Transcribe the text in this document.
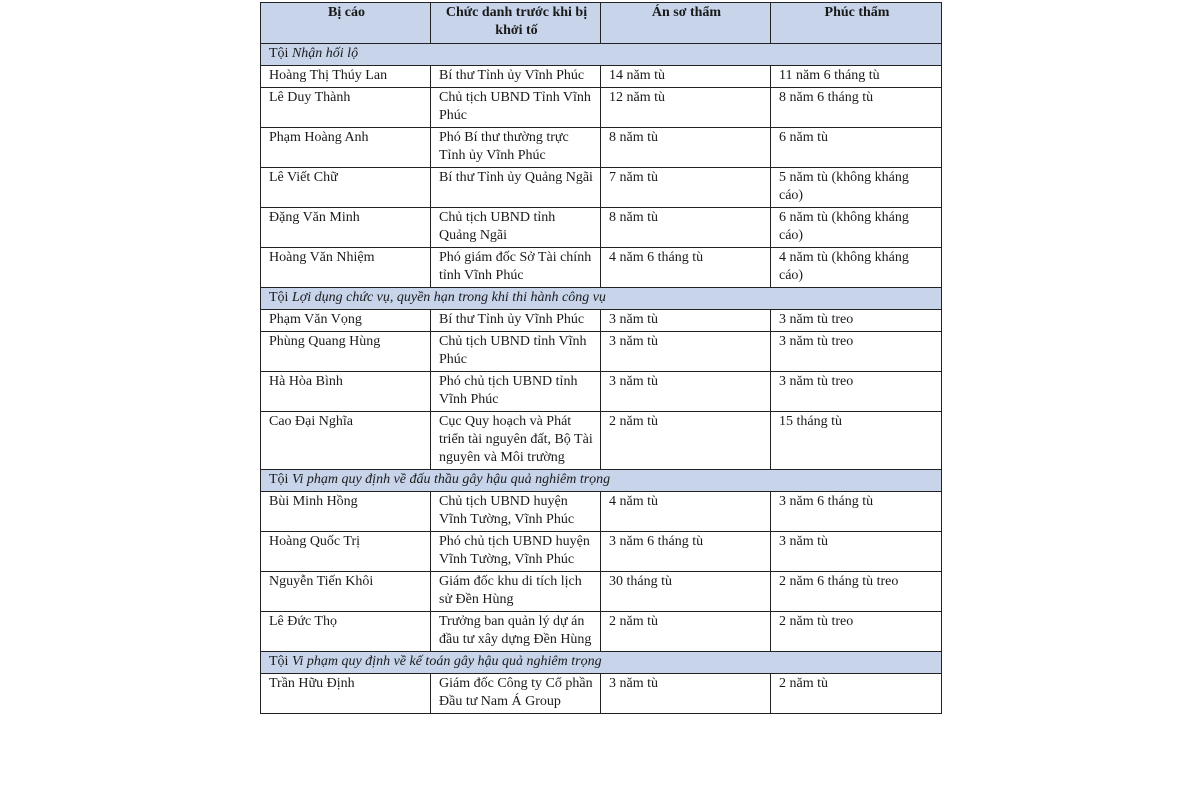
Bị cáo	Chức danh trước khi bị khởi tố	Án sơ thẩm	Phúc thẩm
Tội Nhận hối lộ			
Hoàng Thị Thúy Lan	Bí thư Tỉnh ủy Vĩnh Phúc	14 năm tù	11 năm 6 tháng tù
Lê Duy Thành	Chủ tịch UBND Tỉnh Vĩnh Phúc	12 năm tù	8 năm 6 tháng tù
Phạm Hoàng Anh	Phó Bí thư thường trực Tỉnh ủy Vĩnh Phúc	8 năm tù	6 năm tù
Lê Viết Chữ	Bí thư Tỉnh ủy Quảng Ngãi	7 năm tù	5 năm tù (không kháng cáo)
Đặng Văn Minh	Chủ tịch UBND tỉnh Quảng Ngãi	8 năm tù	6 năm tù (không kháng cáo)
Hoàng Văn Nhiệm	Phó giám đốc Sở Tài chính tỉnh Vĩnh Phúc	4 năm 6 tháng tù	4 năm tù (không kháng cáo)
Tội Lợi dụng chức vụ, quyền hạn trong khi thi hành công vụ			
Phạm Văn Vọng	Bí thư Tỉnh ủy Vĩnh Phúc	3 năm tù	3 năm tù treo
Phùng Quang Hùng	Chủ tịch UBND tỉnh Vĩnh Phúc	3 năm tù	3 năm tù treo
Hà Hòa Bình	Phó chủ tịch UBND tỉnh Vĩnh Phúc	3 năm tù	3 năm tù treo
Cao Đại Nghĩa	Cục Quy hoạch và Phát triển tài nguyên đất, Bộ Tài nguyên và Môi trường	2 năm tù	15 tháng tù
Tội Vi phạm quy định về đấu thầu gây hậu quả nghiêm trọng			
Bùi Minh Hồng	Chủ tịch UBND huyện Vĩnh Tường, Vĩnh Phúc	4 năm tù	3 năm 6 tháng tù
Hoàng Quốc Trị	Phó chủ tịch UBND huyện Vĩnh Tường, Vĩnh Phúc	3 năm 6 tháng tù	3 năm tù
Nguyễn Tiến Khôi	Giám đốc khu di tích lịch sử Đền Hùng	30 tháng tù	2 năm 6 tháng tù treo
Lê Đức Thọ	Trưởng ban quản lý dự án đầu tư xây dựng Đền Hùng	2 năm tù	2 năm tù treo
Tội Vi phạm quy định về kế toán gây hậu quả nghiêm trọng			
Trần Hữu Định	Giám đốc Công ty Cổ phần Đầu tư Nam Á Group	3 năm tù	2 năm tù
